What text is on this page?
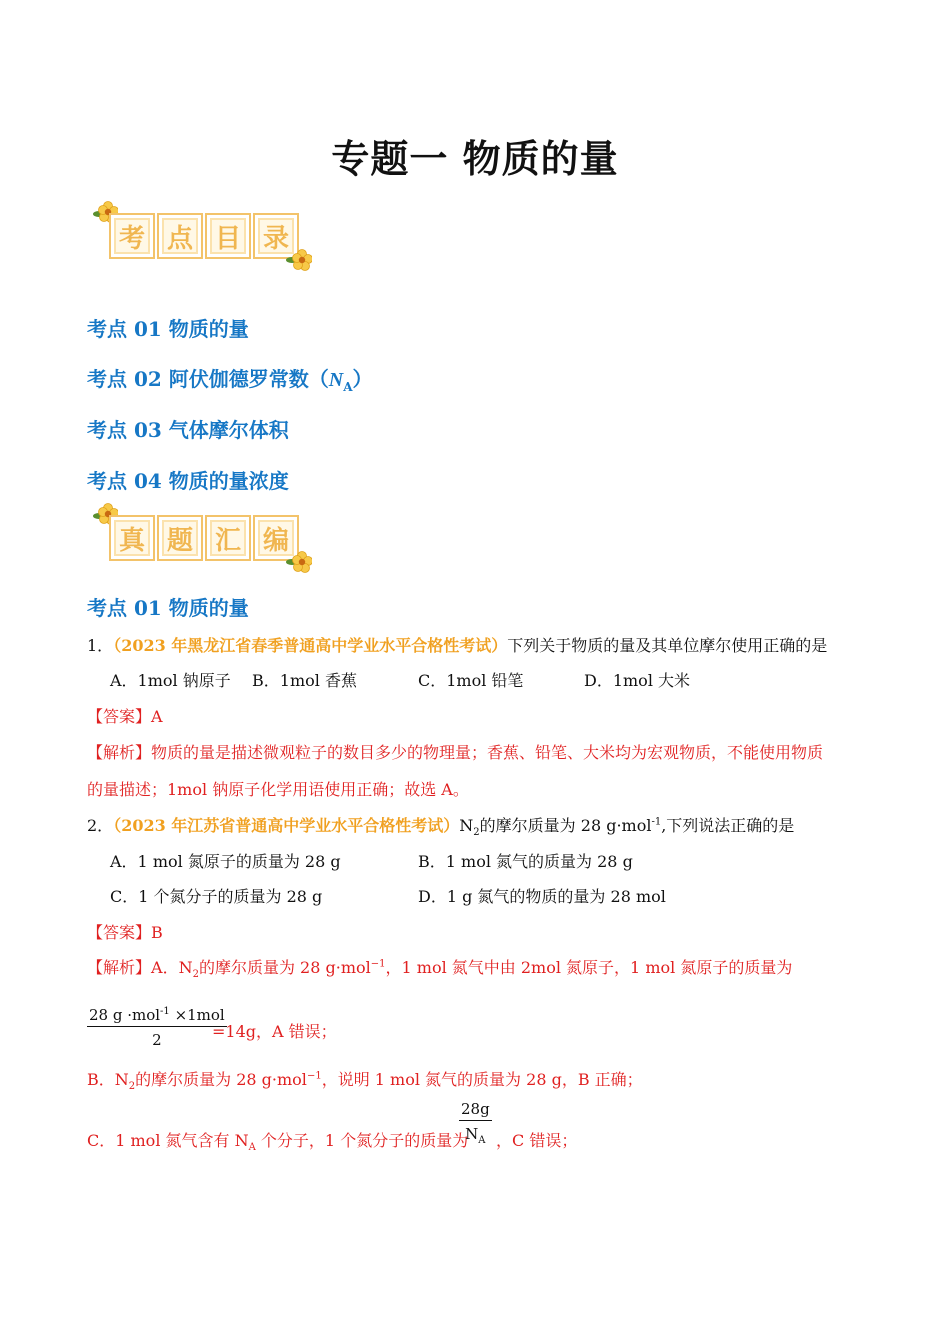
专题一 物质的量
考 点 目 录

考点 01 物质的量

考点 02 阿伏伽德罗常数$(N_A)$

考点 03 气体摩尔体积

考点 04 物质的量浓度

真 题 汇 编

考点 01 物质的量

1．（2023 年黑龙江省春季普通高中学业水平合格性考试）下列关于物质的量及其单位摩尔使用正确的是

A．1mol 钠原子 B．1mol 香蕉	C．1mol 铅笔	D．1mol 大米

【答案】A

【解析】物质的量是描述微观粒子的数目多少的物理量；香蕉、铅笔、大米均为宏观物质，不能使用物质

的量描述；1mol 钠原子化学用语使用正确；故选 A。

2．（2023 年江苏省普通高中学业水平合格性考试）$N_2$的摩尔质量为 28 g·mol$^{-1}$,下列说法正确的是

A．1 mol 氮原子的质量为 28 g	B．1 mol 氮气的质量为 28 g
C．1 个氮分子的质量为 28 g	D．1 g 氮气的物质的量为 28 mol

【答案】B

【解析】A．$N_2$的摩尔质量为 28 g·mol$^{-1}$，1 mol 氮气中由 2mol 氮原子，1 mol 氮原子的质量为

28 g ·mol$^{-1}$ ×1mol
2	=14g，A 错误；

B．$N_2$的摩尔质量为 28 g·mol$^{-1}$，说明 1 mol 氮气的质量为 28 g，B 正确；

C．1 mol 氮气含有 $N_A$ 个分子，1 个氮分子的质量为

$\frac{28g}{N_A}$ ，C 错误；
